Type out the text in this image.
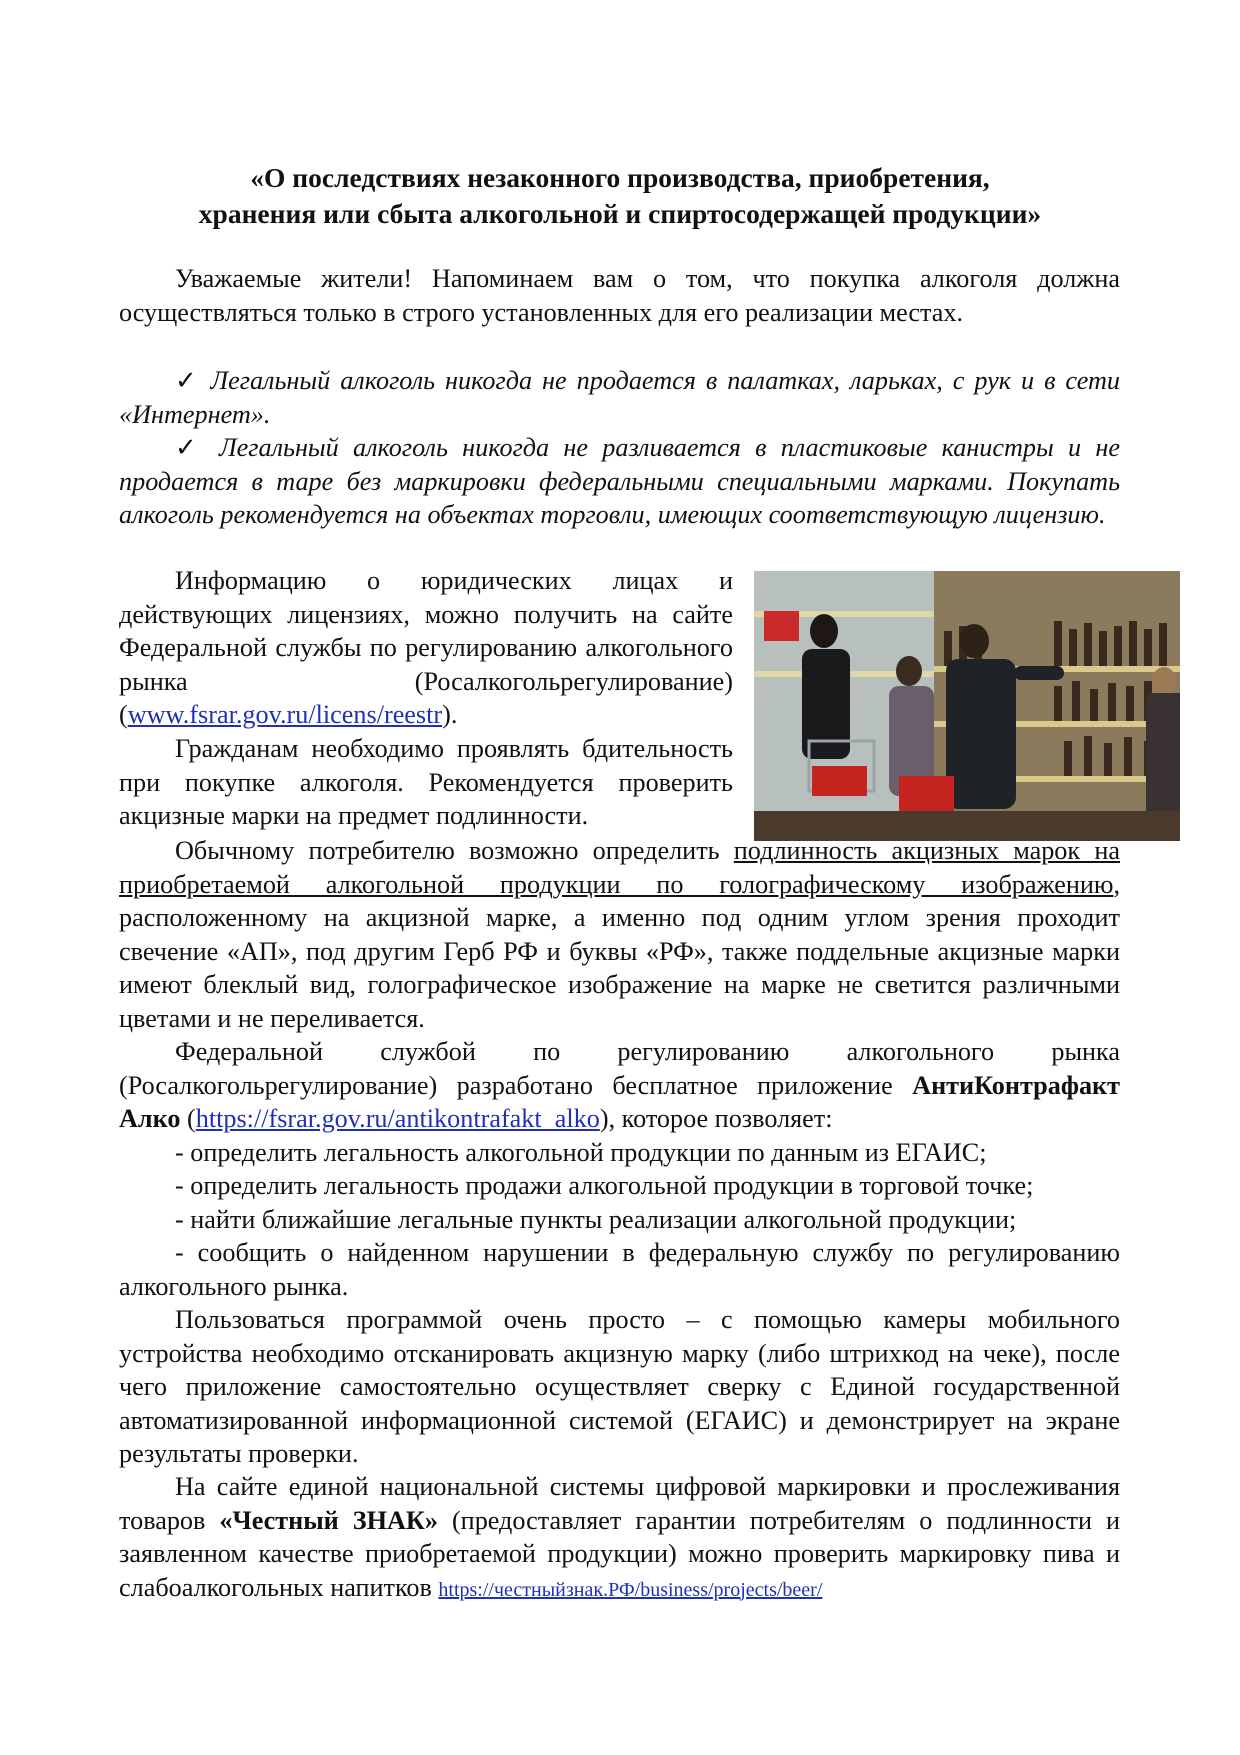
«О последствиях незаконного производства, приобретения,
хранения или сбыта алкогольной и спиртосодержащей продукции»

Уважаемые жители! Напоминаем вам о том, что покупка алкоголя должна осуществляться только в строго установленных для его реализации местах.

✓ Легальный алкоголь никогда не продается в палатках, ларьках, с рук и в сети «Интернет».

✓ Легальный алкоголь никогда не разливается в пластиковые канистры и не продается в таре без маркировки федеральными специальными марками. Покупать алкоголь рекомендуется на объектах торговли, имеющих соответствующую лицензию.

Информацию о юридических лицах и действующих лицензиях, можно получить на сайте Федеральной службы по регулированию алкогольного рынка (Росалкогольрегулирование) (www.fsrar.gov.ru/licens/reestr).

Гражданам необходимо проявлять бдительность при покупке алкоголя. Рекомендуется проверить акцизные марки на предмет подлинности.

Обычному потребителю возможно определить подлинность акцизных марок на приобретаемой алкогольной продукции по голографическому изображению, расположенному на акцизной марке, а именно под одним углом зрения проходит свечение «АП», под другим Герб РФ и буквы «РФ», также поддельные акцизные марки имеют блеклый вид, голографическое изображение на марке не светится различными цветами и не переливается.

Федеральной службой по регулированию алкогольного рынка (Росалкогольрегулирование) разработано бесплатное приложение АнтиКонтрафакт Алко (https://fsrar.gov.ru/antikontrafakt_alko), которое позволяет:

- определить легальность алкогольной продукции по данным из ЕГАИС;

- определить легальность продажи алкогольной продукции в торговой точке;

- найти ближайшие легальные пункты реализации алкогольной продукции;

- сообщить о найденном нарушении в федеральную службу по регулированию алкогольного рынка.

Пользоваться программой очень просто – с помощью камеры мобильного устройства необходимо отсканировать акцизную марку (либо штрихкод на чеке), после чего приложение самостоятельно осуществляет сверку с Единой государственной автоматизированной информационной системой (ЕГАИС) и демонстрирует на экране результаты проверки.

На сайте единой национальной системы цифровой маркировки и прослеживания товаров «Честный ЗНАК» (предоставляет гарантии потребителям о подлинности и заявленном качестве приобретаемой продукции) можно проверить маркировку пива и слабоалкогольных напитков https://честныйзнак.РФ/business/projects/beer/
